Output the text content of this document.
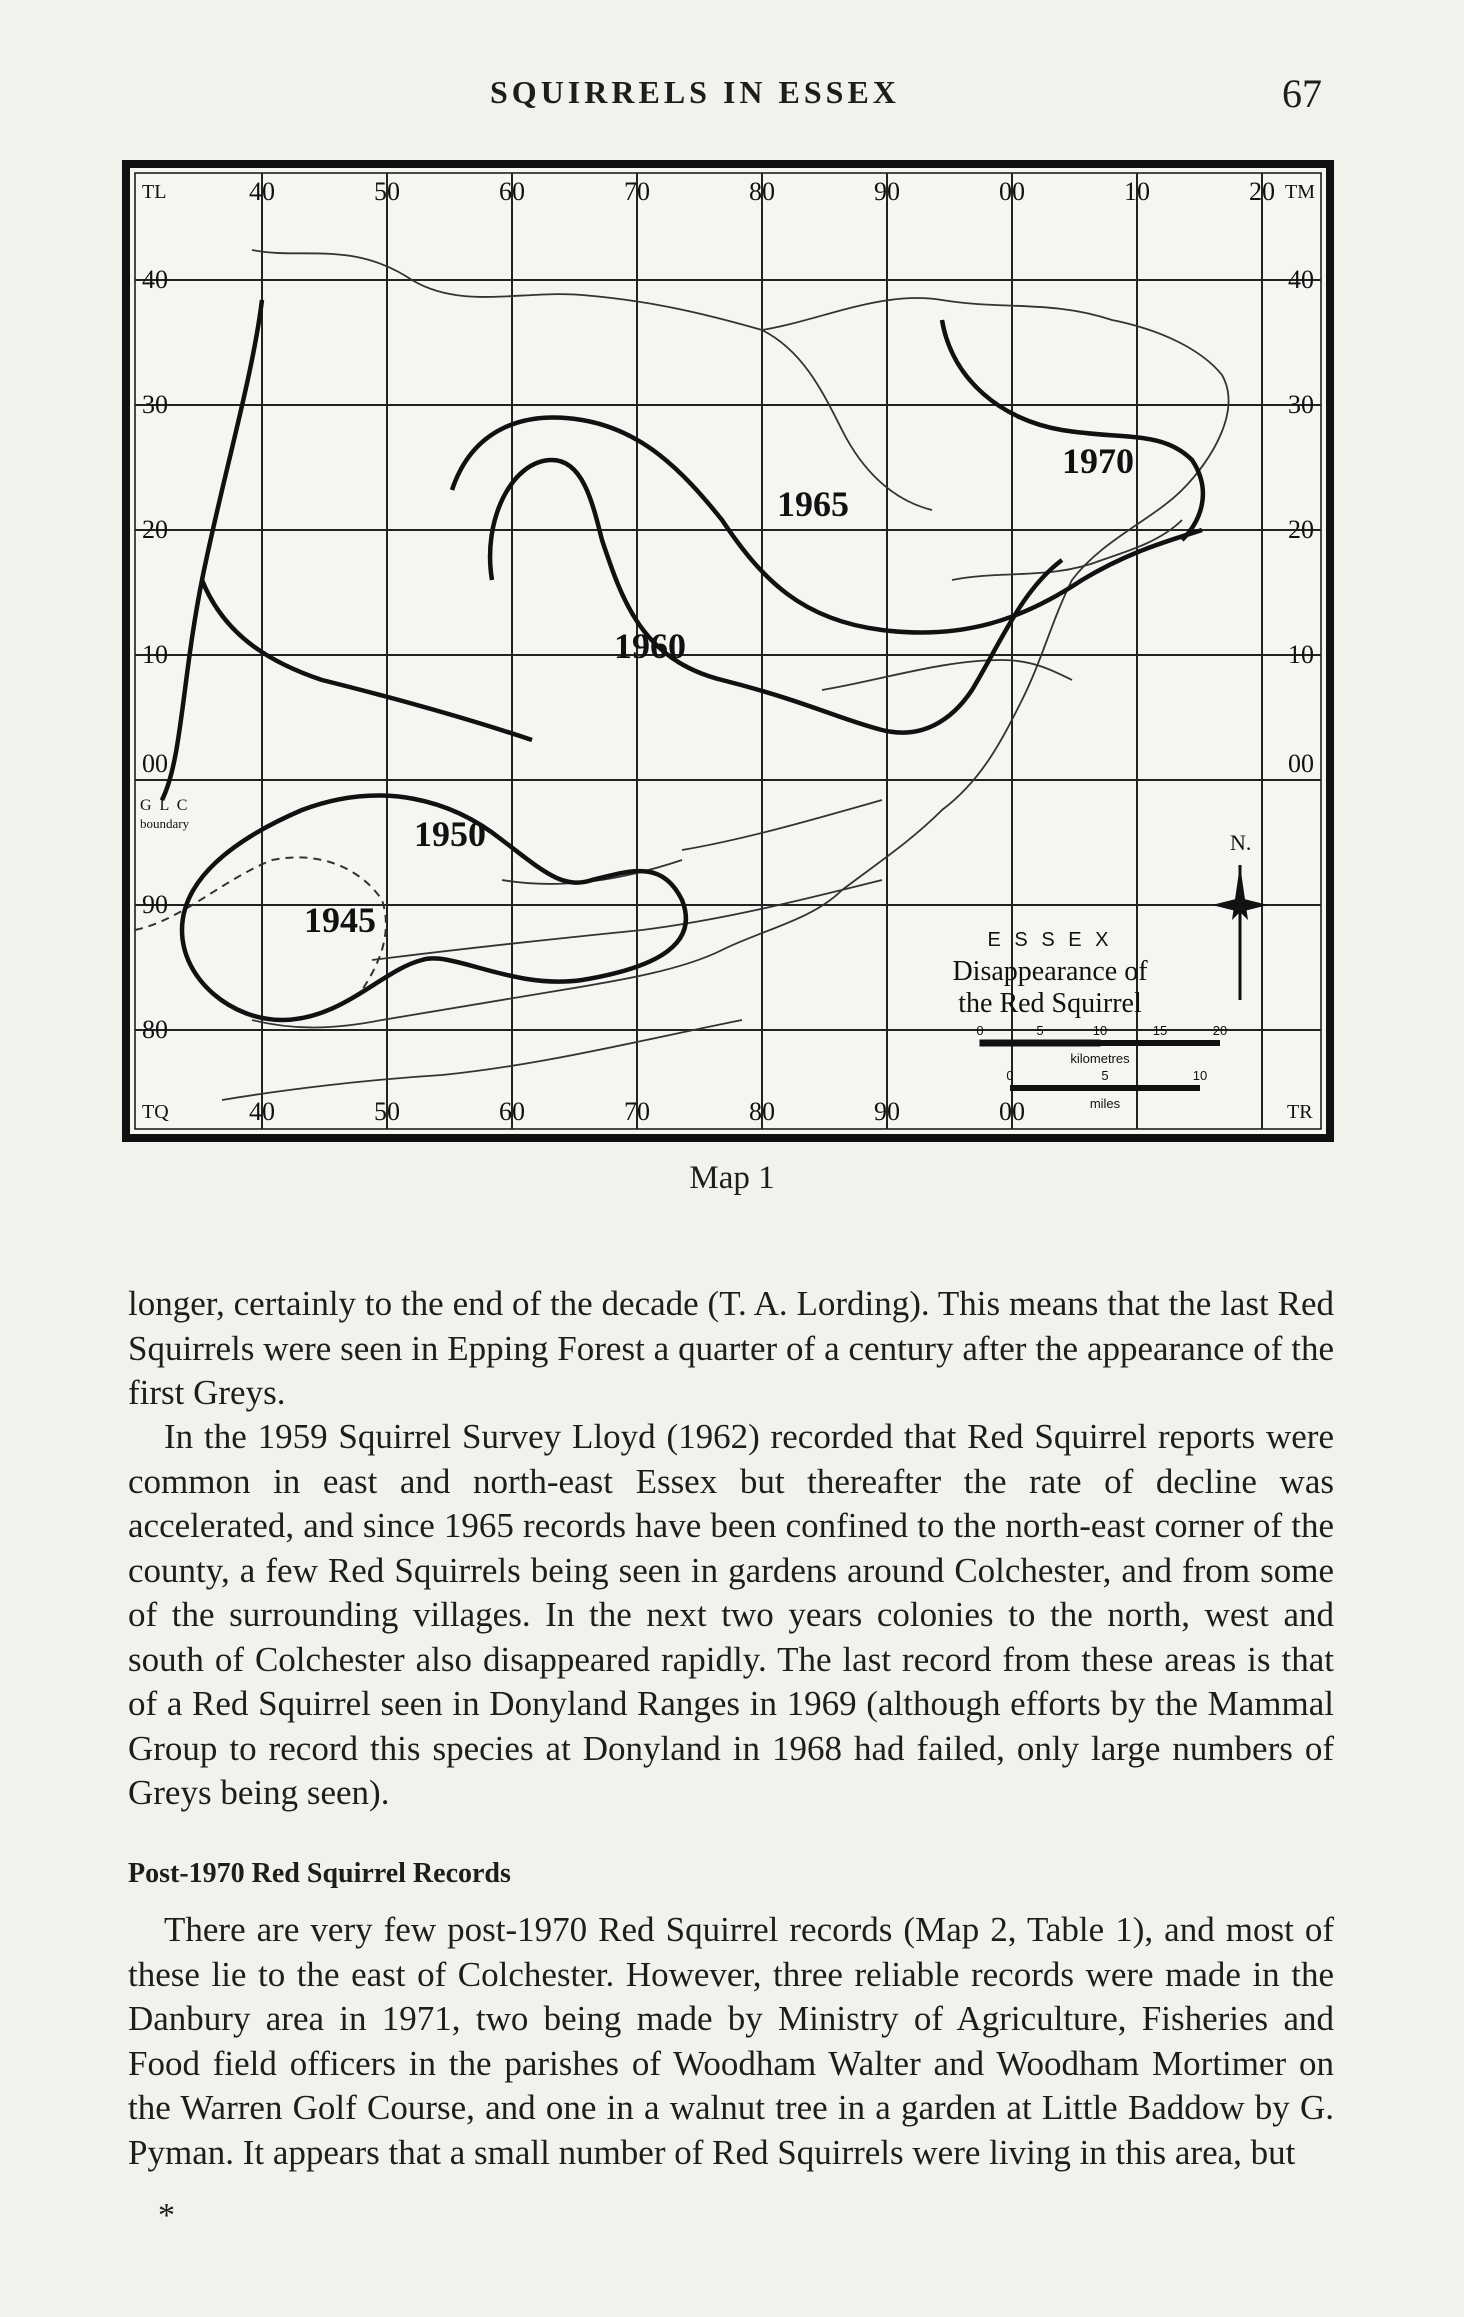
SQUIRRELS IN ESSEX	67
1945
1950
1960
1965
1970
TL	TM
TQ	TR
40	50	60	70	80	90	00	10	20
40	50	60	70	80	90	00
40
30
20
10
00
90
80
40
30
20
10
00
G L C
boundary
N.
E S S E X
Disappearance of
the Red Squirrel
0	5	10	15	20
kilometres
0	5	10
miles
Map 1

longer, certainly to the end of the decade (T. A. Lording). This means that the last Red Squirrels were seen in Epping Forest a quarter of a century after the appearance of the first Greys.

In the 1959 Squirrel Survey Lloyd (1962) recorded that Red Squirrel reports were common in east and north-east Essex but thereafter the rate of decline was accelerated, and since 1965 records have been confined to the north-east corner of the county, a few Red Squirrels being seen in gardens around Colchester, and from some of the surrounding villages. In the next two years colonies to the north, west and south of Colchester also disappeared rapidly. The last record from these areas is that of a Red Squirrel seen in Donyland Ranges in 1969 (although efforts by the Mammal Group to record this species at Donyland in 1968 had failed, only large numbers of Greys being seen).

Post-1970 Red Squirrel Records

There are very few post-1970 Red Squirrel records (Map 2, Table 1), and most of these lie to the east of Colchester. However, three reliable records were made in the Danbury area in 1971, two being made by Ministry of Agriculture, Fisheries and Food field officers in the parishes of Woodham Walter and Woodham Mortimer on the Warren Golf Course, and one in a walnut tree in a garden at Little Baddow by G. Pyman. It appears that a small number of Red Squirrels were living in this area, but

*
